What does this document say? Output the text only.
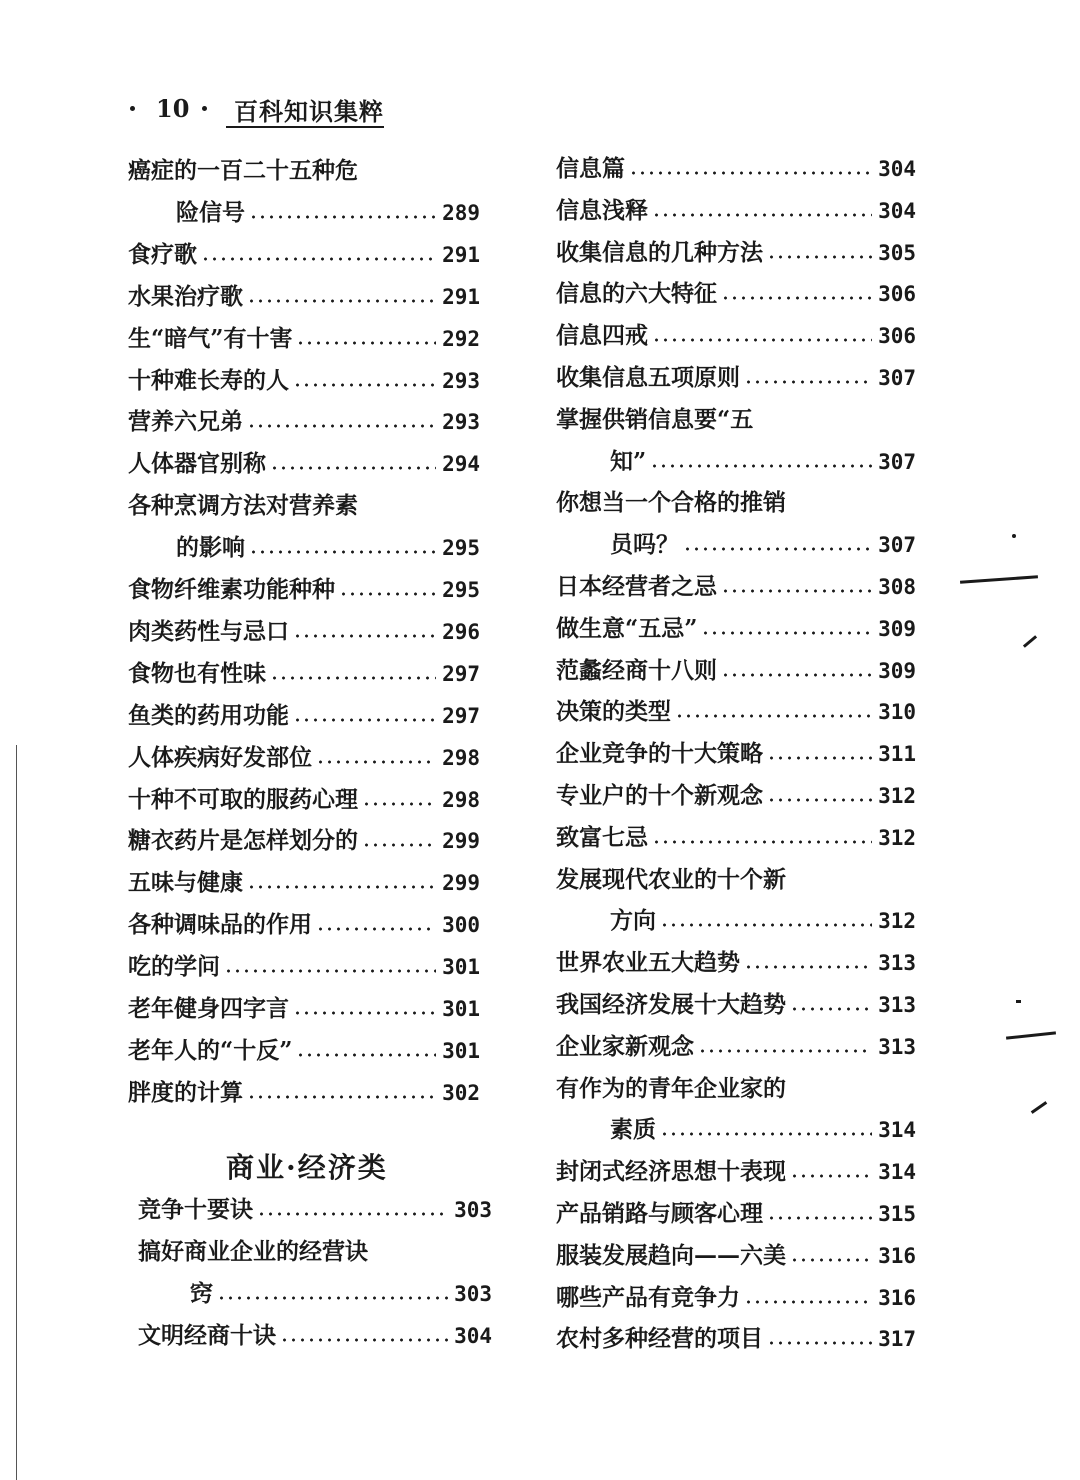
10 百科知识集粹
癌症的一百二十五种危
险信号	289
食疗歌	291
水果治疗歌	291
生“暗气”有十害	292
十种难长寿的人	293
营养六兄弟	293
人体器官别称	294
各种烹调方法对营养素
的影响	295
食物纤维素功能种种	295
肉类药性与忌口	296
食物也有性味	297
鱼类的药用功能	297
人体疾病好发部位	298
十种不可取的服药心理	298
糖衣药片是怎样划分的	299
五味与健康	299
各种调味品的作用	300
吃的学问	301
老年健身四字言	301
老年人的“十反”	301
胖度的计算	302
商业·经济类
竞争十要诀	303
搞好商业企业的经营诀
窍	303
文明经商十诀	304
信息篇	304
信息浅释	304
收集信息的几种方法	305
信息的六大特征	306
信息四戒	306
收集信息五项原则	307
掌握供销信息要“五
知”	307
你想当一个合格的推销
员吗？	307
日本经营者之忌	308
做生意“五忌”	309
范蠡经商十八则	309
决策的类型	310
企业竞争的十大策略	311
专业户的十个新观念	312
致富七忌	312
发展现代农业的十个新
方向	312
世界农业五大趋势	313
我国经济发展十大趋势	313
企业家新观念	313
有作为的青年企业家的
素质	314
封闭式经济思想十表现	314
产品销路与顾客心理	315
服装发展趋向——六美	316
哪些产品有竞争力	316
农村多种经营的项目	317
